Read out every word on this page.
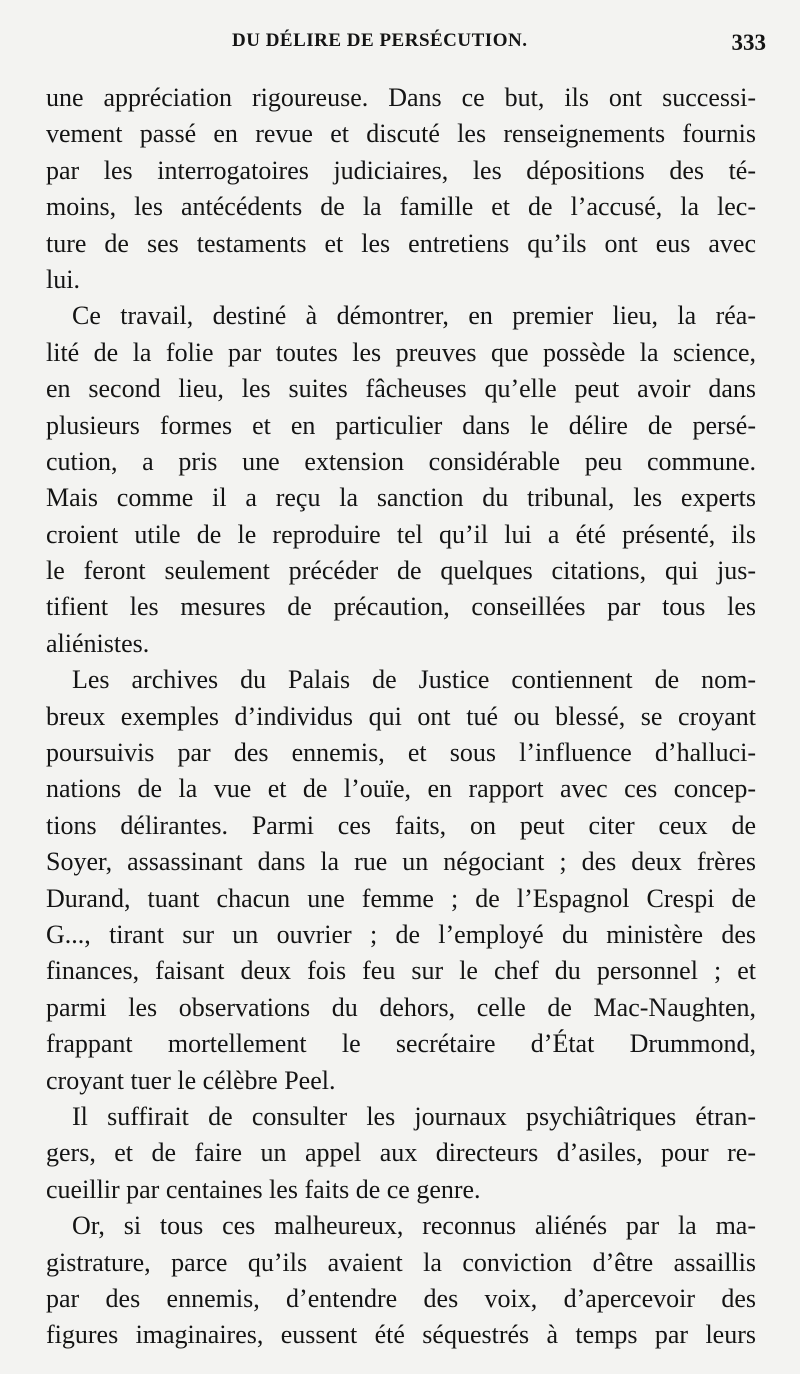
DU DÉLIRE DE PERSÉCUTION.	333
une appréciation rigoureuse. Dans ce but, ils ont successi-
vement passé en revue et discuté les renseignements fournis
par les interrogatoires judiciaires, les dépositions des té-
moins, les antécédents de la famille et de l’accusé, la lec-
ture de ses testaments et les entretiens qu’ils ont eus avec
lui.
Ce travail, destiné à démontrer, en premier lieu, la réa-
lité de la folie par toutes les preuves que possède la science,
en second lieu, les suites fâcheuses qu’elle peut avoir dans
plusieurs formes et en particulier dans le délire de persé-
cution, a pris une extension considérable peu commune.
Mais comme il a reçu la sanction du tribunal, les experts
croient utile de le reproduire tel qu’il lui a été présenté, ils
le feront seulement précéder de quelques citations, qui jus-
tifient les mesures de précaution, conseillées par tous les
aliénistes.
Les archives du Palais de Justice contiennent de nom-
breux exemples d’individus qui ont tué ou blessé, se croyant
poursuivis par des ennemis, et sous l’influence d’halluci-
nations de la vue et de l’ouïe, en rapport avec ces concep-
tions délirantes. Parmi ces faits, on peut citer ceux de
Soyer, assassinant dans la rue un négociant ; des deux frères
Durand, tuant chacun une femme ; de l’Espagnol Crespi de
G..., tirant sur un ouvrier ; de l’employé du ministère des
finances, faisant deux fois feu sur le chef du personnel ; et
parmi les observations du dehors, celle de Mac-Naughten,
frappant mortellement le secrétaire d’État Drummond,
croyant tuer le célèbre Peel.
Il suffirait de consulter les journaux psychiâtriques étran-
gers, et de faire un appel aux directeurs d’asiles, pour re-
cueillir par centaines les faits de ce genre.
Or, si tous ces malheureux, reconnus aliénés par la ma-
gistrature, parce qu’ils avaient la conviction d’être assaillis
par des ennemis, d’entendre des voix, d’apercevoir des
figures imaginaires, eussent été séquestrés à temps par leurs
